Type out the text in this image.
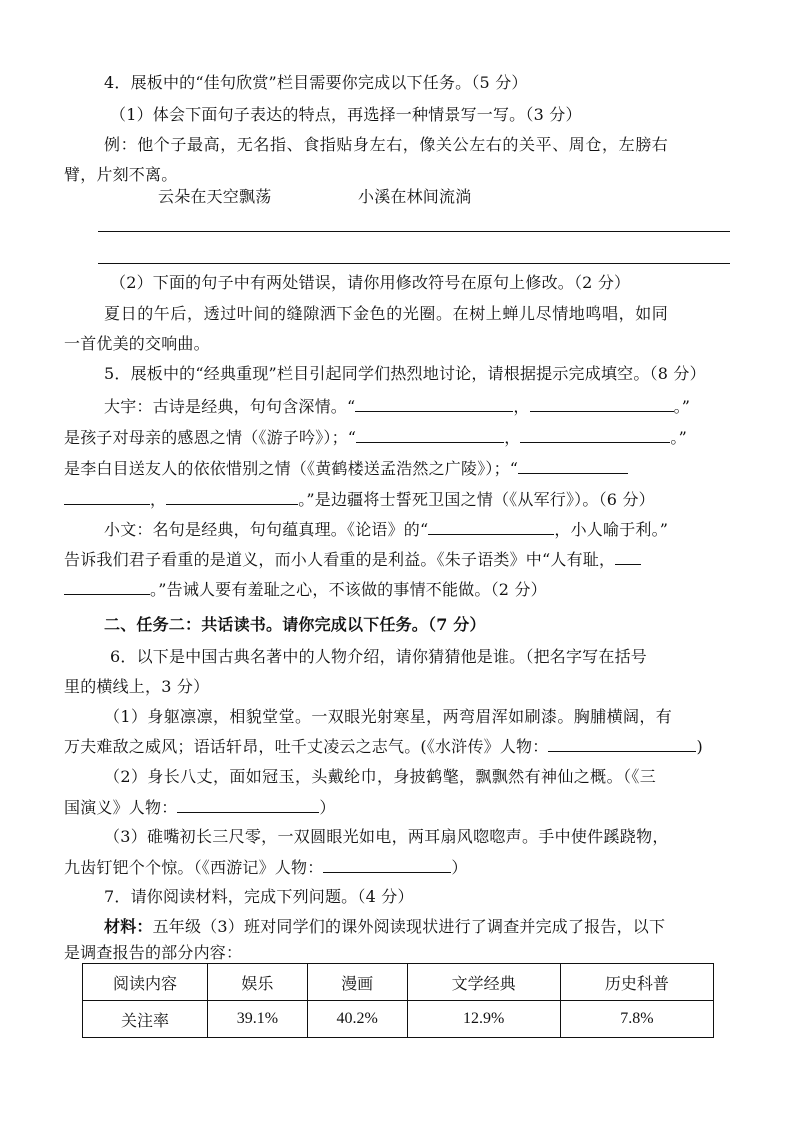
4．展板中的“佳句欣赏”栏目需要你完成以下任务。（5 分）
（1）体会下面句子表达的特点，再选择一种情景写一写。（3 分）
例：他个子最高，无名指、食指贴身左右，像关公左右的关平、周仓，左膀右
臂，片刻不离。
云朵在天空飘荡	小溪在林间流淌
（2）下面的句子中有两处错误，请你用修改符号在原句上修改。（2 分）
夏日的午后，透过叶间的缝隙洒下金色的光圈。在树上蝉儿尽情地鸣唱，如同
一首优美的交响曲。
5．展板中的“经典重现”栏目引起同学们热烈地讨论，请根据提示完成填空。（8 分）
大宇：古诗是经典，句句含深情。“	，	。”
是孩子对母亲的感恩之情（《游子吟》）；“	，	。”
是李白目送友人的依依惜别之情（《黄鹤楼送孟浩然之广陵》）；“
，	。”是边疆将士誓死卫国之情（《从军行》）。（6 分）
小文：名句是经典，句句蕴真理。《论语》的“	，小人喻于利。”
告诉我们君子看重的是道义，而小人看重的是利益。《朱子语类》中“人有耻，
。”告诫人要有羞耻之心，不该做的事情不能做。（2 分）
二、任务二：共话读书。请你完成以下任务。（7 分）
6．以下是中国古典名著中的人物介绍，请你猜猜他是谁。（把名字写在括号
里的横线上，3 分）
（1）身躯凛凛，相貌堂堂。一双眼光射寒星，两弯眉浑如刷漆。胸脯横阔，有
万夫难敌之威风；语话轩昂，吐千丈凌云之志气。(《水浒传》人物：	)
（2）身长八丈，面如冠玉，头戴纶巾，身披鹤氅，飘飘然有神仙之概。（《三
国演义》人物：	）
（3）碓嘴初长三尺零，一双圆眼光如电，两耳扇风唿唿声。手中使件蹊跷物，
九齿钉钯个个惊。（《西游记》人物：	）
7．请你阅读材料，完成下列问题。（4 分）
材料：五年级（3）班对同学们的课外阅读现状进行了调查并完成了报告，以下
是调查报告的部分内容：
阅读内容	娱乐	漫画	文学经典	历史科普
关注率	39.1%	40.2%	12.9%	7.8%
